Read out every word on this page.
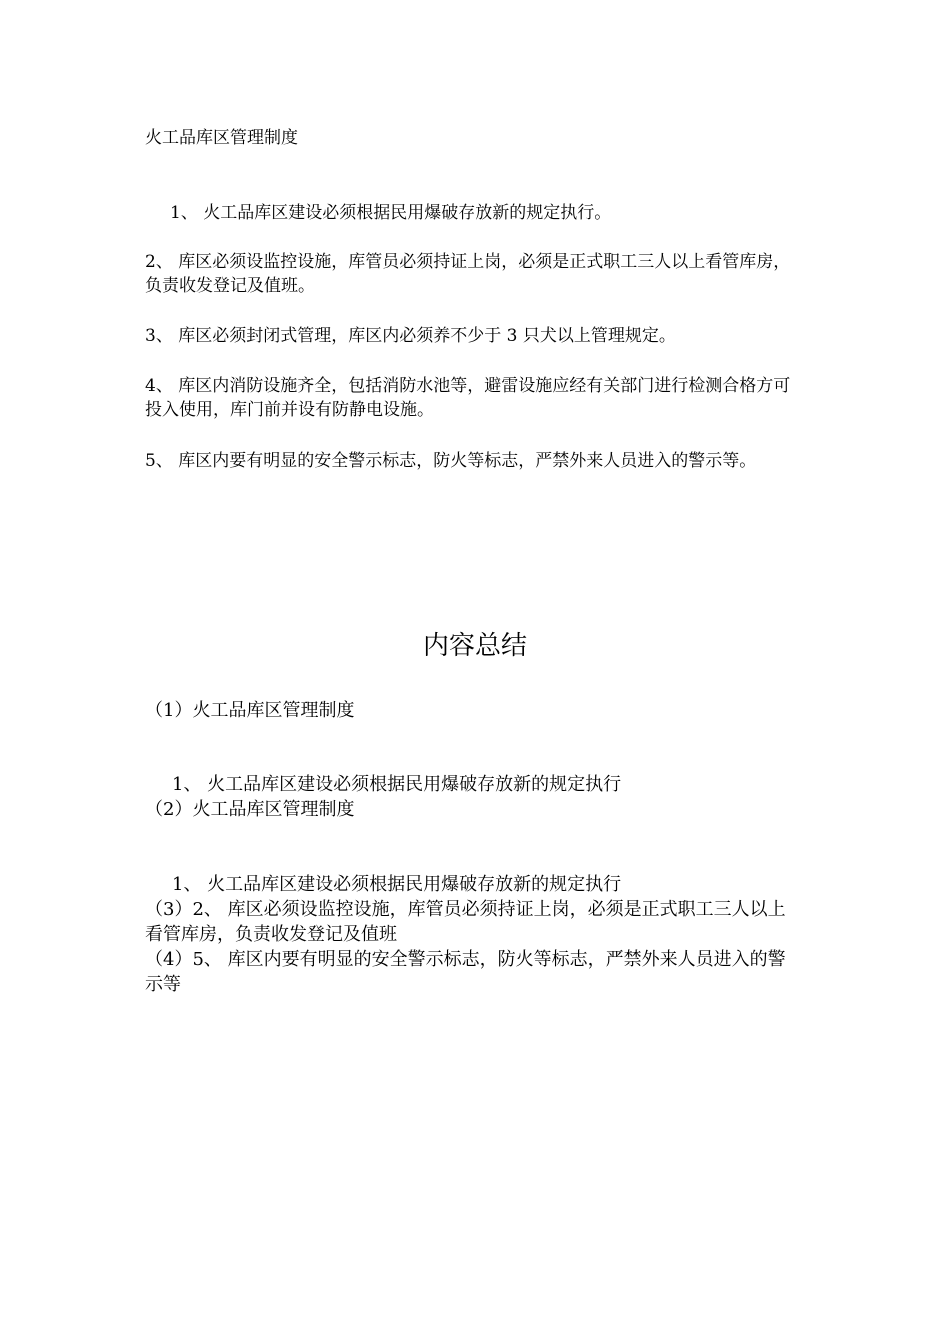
火工品库区管理制度
1、 火工品库区建设必须根据民用爆破存放新的规定执行。
2、 库区必须设监控设施，库管员必须持证上岗，必须是正式职工三人以上看管库房，负责收发登记及值班。
3、 库区必须封闭式管理，库区内必须养不少于 3 只犬以上管理规定。
4、 库区内消防设施齐全，包括消防水池等，避雷设施应经有关部门进行检测合格方可投入使用，库门前并设有防静电设施。
5、 库区内要有明显的安全警示标志，防火等标志，严禁外来人员进入的警示等。
内容总结
（1）火工品库区管理制度
1、 火工品库区建设必须根据民用爆破存放新的规定执行
（2）火工品库区管理制度
1、 火工品库区建设必须根据民用爆破存放新的规定执行
（3）2、 库区必须设监控设施，库管员必须持证上岗，必须是正式职工三人以上看管库房，负责收发登记及值班
（4）5、 库区内要有明显的安全警示标志，防火等标志，严禁外来人员进入的警示等
